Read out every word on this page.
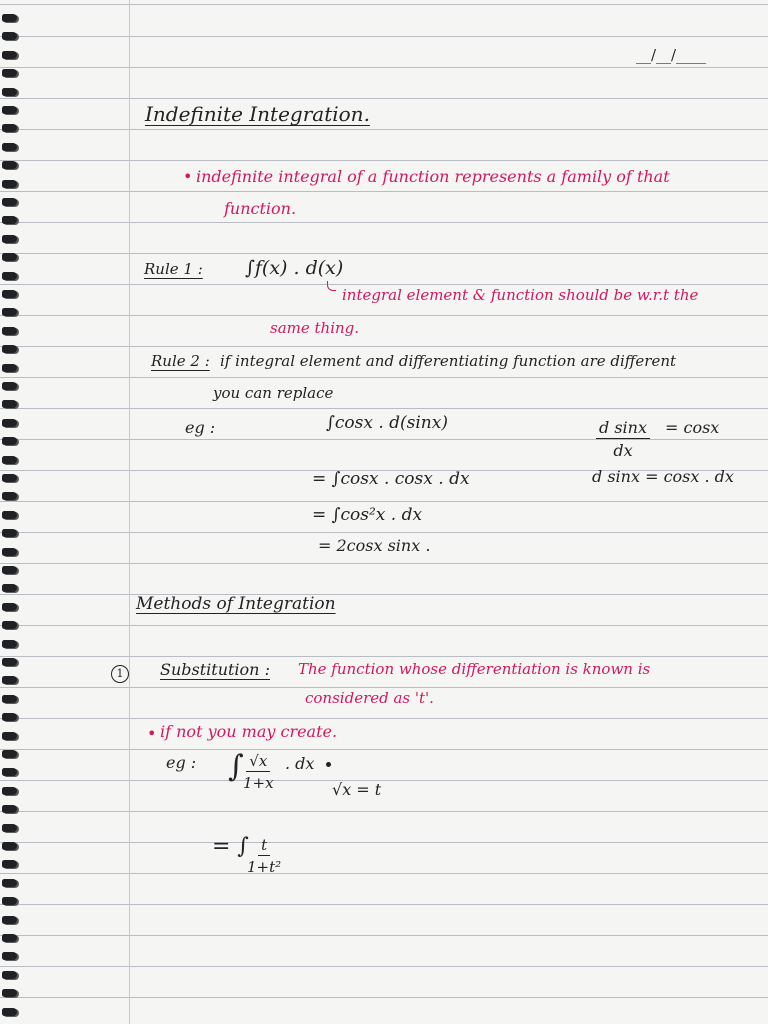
__/__/____
Indefinite Integration.
• indefinite integral of a function represents a family of that
function.
Rule 1 : ∫f(x) . d(x)
integral element & function should be w.r.t the
same thing.
Rule 2 : if integral element and differentiating function are different
you can replace
eg :	∫cosx . d(sinx)
= ∫cosx . cosx . dx
= ∫cos²x . dx
= 2cosx sinx .
$\frac{\text{d sinx}}{dx} = \cos x$
d sinx = cosx . dx
Methods of Integration
1	Substitution : The function whose differentiation is known is
considered as 't'.
• if not you may create.
eg : ∫ $\frac{√x}{1+x}$ . dx
√x = t
= ∫
$\frac{t}{\text{1+t²}}$
